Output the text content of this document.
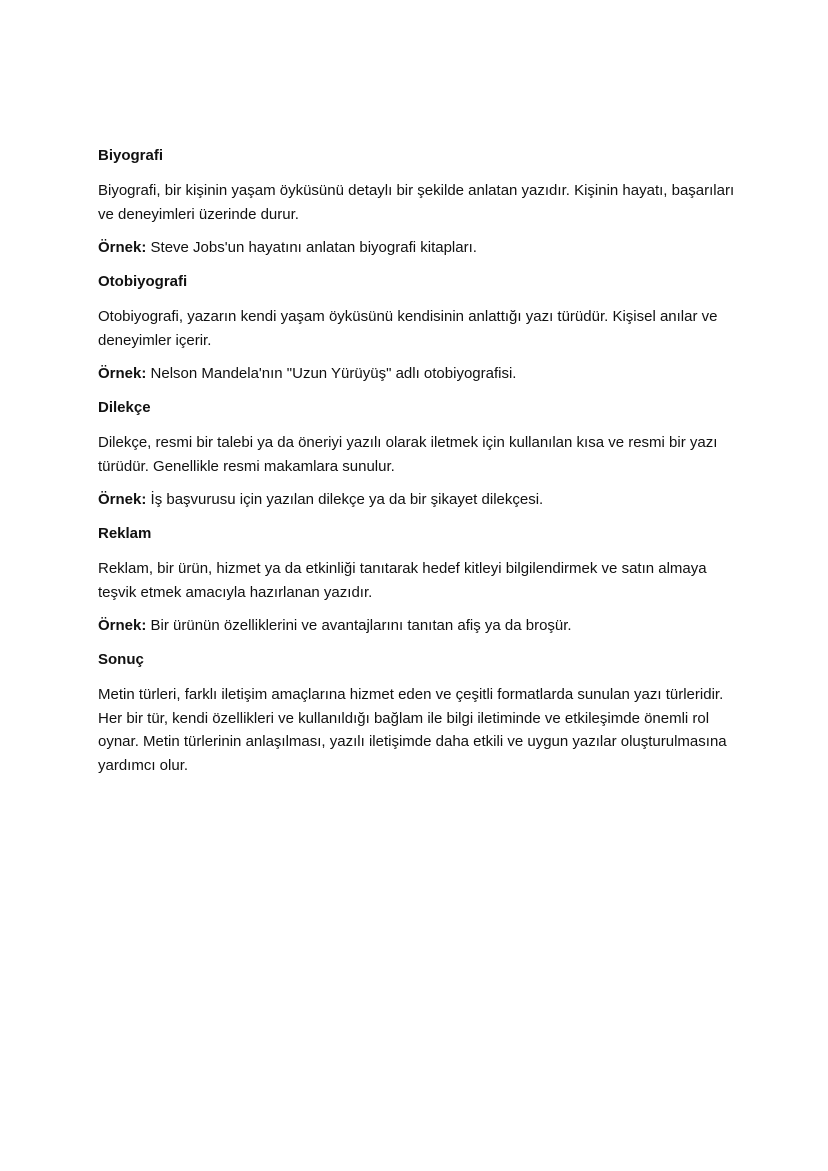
Biyografi
Biyografi, bir kişinin yaşam öyküsünü detaylı bir şekilde anlatan yazıdır. Kişinin hayatı, başarıları ve deneyimleri üzerinde durur.
Örnek: Steve Jobs'un hayatını anlatan biyografi kitapları.
Otobiyografi
Otobiyografi, yazarın kendi yaşam öyküsünü kendisinin anlattığı yazı türüdür. Kişisel anılar ve deneyimler içerir.
Örnek: Nelson Mandela'nın "Uzun Yürüyüş" adlı otobiyografisi.
Dilekçe
Dilekçe, resmi bir talebi ya da öneriyi yazılı olarak iletmek için kullanılan kısa ve resmi bir yazı türüdür. Genellikle resmi makamlara sunulur.
Örnek: İş başvurusu için yazılan dilekçe ya da bir şikayet dilekçesi.
Reklam
Reklam, bir ürün, hizmet ya da etkinliği tanıtarak hedef kitleyi bilgilendirmek ve satın almaya teşvik etmek amacıyla hazırlanan yazıdır.
Örnek: Bir ürünün özelliklerini ve avantajlarını tanıtan afiş ya da broşür.
Sonuç
Metin türleri, farklı iletişim amaçlarına hizmet eden ve çeşitli formatlarda sunulan yazı türleridir. Her bir tür, kendi özellikleri ve kullanıldığı bağlam ile bilgi iletiminde ve etkileşimde önemli rol oynar. Metin türlerinin anlaşılması, yazılı iletişimde daha etkili ve uygun yazılar oluşturulmasına yardımcı olur.
